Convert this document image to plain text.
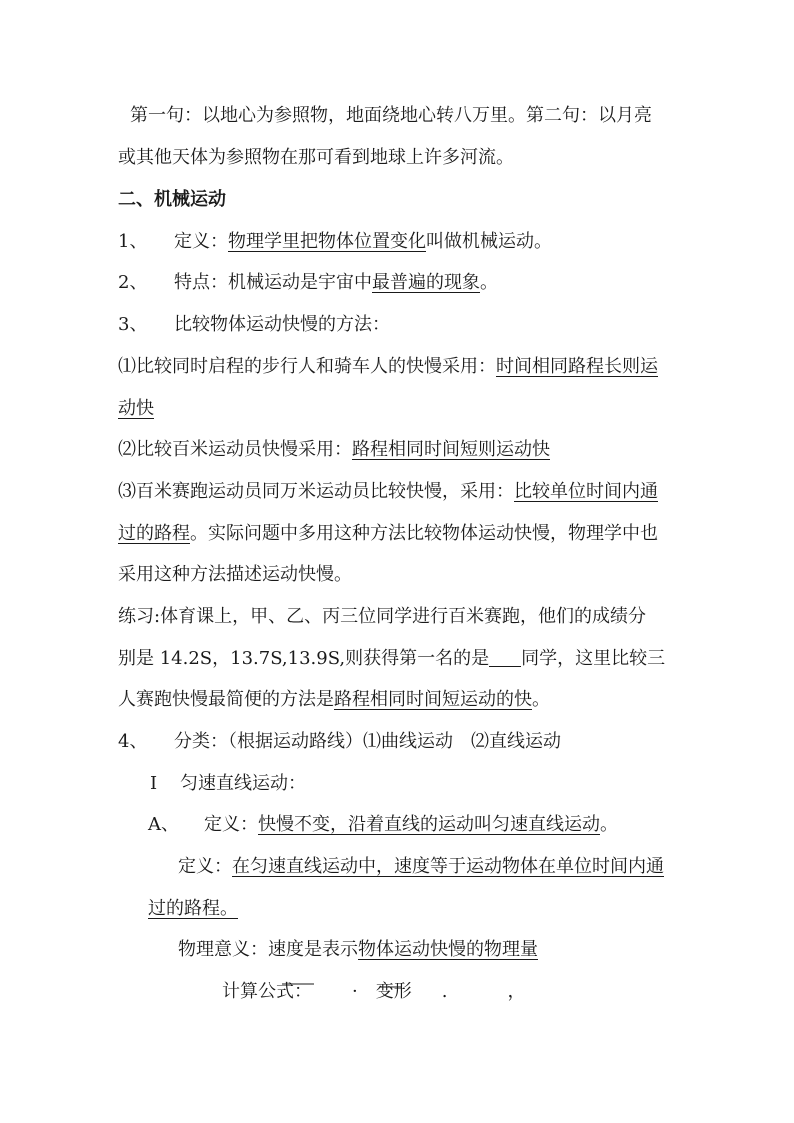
第一句：以地心为参照物，地面绕地心转八万里。第二句：以月亮
或其他天体为参照物在那可看到地球上许多河流。
二、机械运动
1、 定义：物理学里把物体位置变化叫做机械运动。
2、 特点：机械运动是宇宙中最普遍的现象。
3、 比较物体运动快慢的方法：
⑴比较同时启程的步行人和骑车人的快慢采用：时间相同路程长则运
动快
⑵比较百米运动员快慢采用：路程相同时间短则运动快
⑶百米赛跑运动员同万米运动员比较快慢，采用：比较单位时间内通
过的路程。实际问题中多用这种方法比较物体运动快慢，物理学中也
采用这种方法描述运动快慢。
练习:体育课上，甲、乙、丙三位同学进行百米赛跑，他们的成绩分
别是 14.2S，13.7S,13.9S,则获得第一名的是 同学，这里比较三
人赛跑快慢最简便的方法是路程相同时间短运动的快。
4、 分类：（根据运动路线）⑴曲线运动　⑵直线运动
Ⅰ 匀速直线运动：
A、 定义：快慢不变，沿着直线的运动叫匀速直线运动。
定义：在匀速直线运动中，速度等于运动物体在单位时间内通
过的路程。
物理意义：速度是表示物体运动快慢的物理量
计算公式： · 变形 .	，
